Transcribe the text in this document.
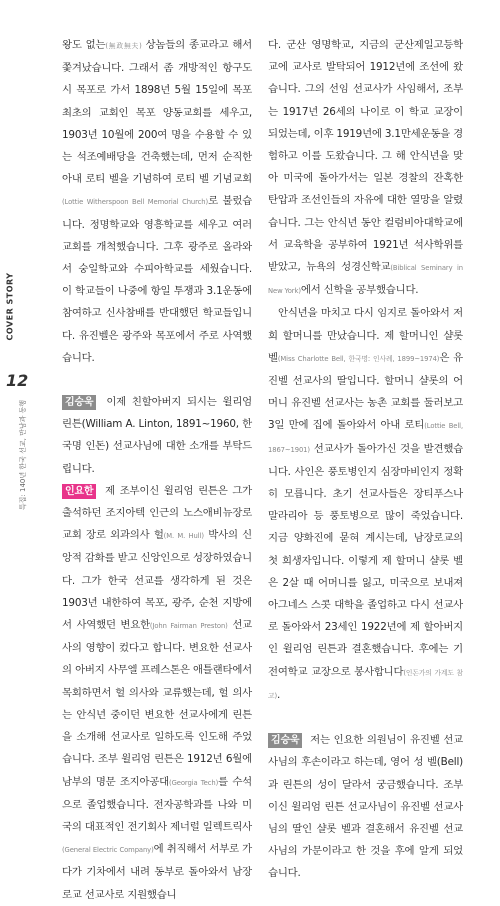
COVER STORY
12
특집: 140년 한국 선교, 만남과 동행

왕도 없는(無政無夫) 상놈들의 종교라고 해서 쫓겨났습니다. 그래서 좀 개방적인 항구도시 목포로 가서 1898년 5월 15일에 목포 최초의 교회인 목포 양동교회를 세우고, 1903년 10월에 200여 명을 수용할 수 있는 석조예배당을 건축했는데, 먼저 순직한 아내 로티 벨을 기념하여 로티 벨 기념교회(Lottie Witherspoon Bell Memorial Church)로 불렀습니다. 정명학교와 영흥학교를 세우고 여러 교회를 개척했습니다. 그후 광주로 올라와서 숭일학교와 수피아학교를 세웠습니다. 이 학교들이 나중에 항일 투쟁과 3.1운동에 참여하고 신사참배를 반대했던 학교들입니다. 유진벨은 광주와 목포에서 주로 사역했습니다.

김승욱 이제 친할아버지 되시는 윌리엄 린튼(William A. Linton, 1891~1960, 한국명 인돈) 선교사님에 대한 소개를 부탁드립니다.

인요한 제 조부이신 윌리엄 린튼은 그가 출석하던 조지아텍 인근의 노스애비뉴장로교회 장로 외과의사 헐(M. M. Hull) 박사의 신앙적 감화를 받고 신앙인으로 성장하였습니다. 그가 한국 선교를 생각하게 된 것은 1903년 내한하여 목포, 광주, 순천 지방에서 사역했던 변요한(John Fairman Preston) 선교사의 영향이 컸다고 합니다. 변요한 선교사의 아버지 사무엘 프레스톤은 애틀랜타에서 목회하면서 헐 의사와 교류했는데, 헐 의사는 안식년 중이던 변요한 선교사에게 린튼을 소개해 선교사로 일하도록 인도해 주었습니다. 조부 윌리엄 린튼은 1912년 6월에 남부의 명문 조지아공대(Georgia Tech)를 수석으로 졸업했습니다. 전자공학과를 나와 미국의 대표적인 전기회사 제너럴 일렉트릭사(General Electric Company)에 취직해서 서부로 가다가 기차에서 내려 동부로 돌아와서 남장로교 선교사로 지원했습니

다. 군산 영명학교, 지금의 군산제일고등학교에 교사로 발탁되어 1912년에 조선에 왔습니다. 그의 선임 선교사가 사임해서, 조부는 1917년 26세의 나이로 이 학교 교장이 되었는데, 이후 1919년에 3.1만세운동을 경험하고 이를 도왔습니다. 그 해 안식년을 맞아 미국에 돌아가서는 일본 경찰의 잔혹한 탄압과 조선인들의 자유에 대한 열망을 알렸습니다. 그는 안식년 동안 컬럼비아대학교에서 교육학을 공부하여 1921년 석사학위를 받았고, 뉴욕의 성경신학교(Biblical Seminary in New York)에서 신학을 공부했습니다.

안식년을 마치고 다시 임지로 돌아와서 저희 할머니를 만났습니다. 제 할머니인 샬롯 벨(Miss Charlotte Bell, 한국명: 인사례, 1899~1974)은 유진벨 선교사의 딸입니다. 할머니 샬롯의 어머니 유진벨 선교사는 농촌 교회를 둘러보고 3일 만에 집에 돌아와서 아내 로티(Lottie Bell, 1867~1901) 선교사가 돌아가신 것을 발견했습니다. 사인은 풍토병인지 심장마비인지 정확히 모릅니다. 초기 선교사들은 장티푸스나 말라리아 등 풍토병으로 많이 죽었습니다. 지금 양화진에 묻혀 계시는데, 남장로교의 첫 희생자입니다. 이렇게 제 할머니 샬롯 벨은 2살 때 어머니를 잃고, 미국으로 보내져 아그네스 스콧 대학을 졸업하고 다시 선교사로 돌아와서 23세인 1922년에 제 할아버지인 윌리엄 린튼과 결혼했습니다. 후에는 기전여학교 교장으로 봉사합니다(인돈가의 가계도 참고).

김승욱 저는 인요한 의원님이 유진벨 선교사님의 후손이라고 하는데, 영어 성 벨(Bell)과 린튼의 성이 달라서 궁금했습니다. 조부이신 윌리엄 린튼 선교사님이 유진벨 선교사님의 딸인 샬롯 벨과 결혼해서 유진벨 선교사님의 가문이라고 한 것을 후에 알게 되었습니다.
